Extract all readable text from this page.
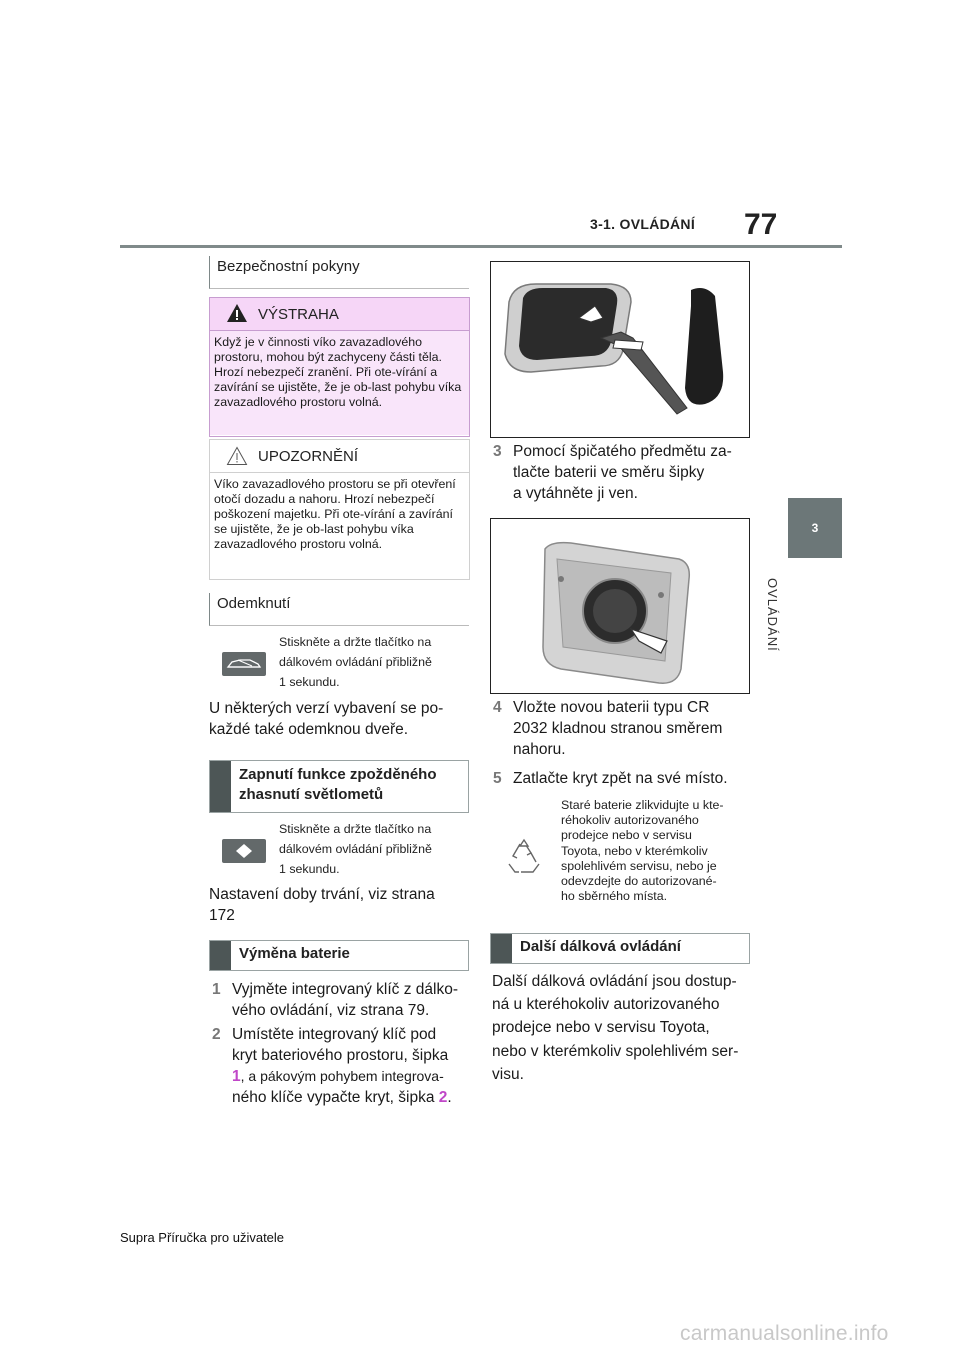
3-1. OVLÁDÁNÍ 77
3
OVLÁDÁNÍ
Bezpečnostní pokyny
VÝSTRAHA
Když je v činnosti víko zavazadlového prostoru, mohou být zachyceny části těla. Hrozí nebezpečí zranění. Při ote-vírání a zavírání se ujistěte, že je ob-last pohybu víka zavazadlového prostoru volná.
UPOZORNĚNÍ
Víko zavazadlového prostoru se při otevření otočí dozadu a nahoru. Hrozí nebezpečí poškození majetku. Při ote-vírání a zavírání se ujistěte, že je ob-last pohybu víka zavazadlového prostoru volná.
Odemknutí
Stiskněte a držte tlačítko na
dálkovém ovládání přibližně
1 sekundu.
U některých verzí vybavení se po-
každé také odemknou dveře.
Zapnutí funkce zpožděného
zhasnutí světlometů
Stiskněte a držte tlačítko na
dálkovém ovládání přibližně
1 sekundu.
Nastavení doby trvání, viz strana
172
Výměna baterie
1 Vyjměte integrovaný klíč z dálko-
vého ovládání, viz strana 79.
2 Umístěte integrovaný klíč pod
kryt bateriového prostoru, šipka
1, a pákovým pohybem integrova-
ného klíče vypačte kryt, šipka 2.
3 Pomocí špičatého předmětu za-
tlačte baterii ve směru šipky
a vytáhněte ji ven.
4 Vložte novou baterii typu CR
2032 kladnou stranou směrem
nahoru.
5 Zatlačte kryt zpět na své místo.
Staré baterie zlikvidujte u kte-
réhokoliv autorizovaného
prodejce nebo v servisu
Toyota, nebo v kterémkoliv
spolehlivém servisu, nebo je
odevzdejte do autorizované-
ho sběrného místa.
Další dálková ovládání
Další dálková ovládání jsou dostup-
ná u kteréhokoliv autorizovaného
prodejce nebo v servisu Toyota,
nebo v kterémkoliv spolehlivém ser-
visu.
Supra Příručka pro uživatele
carmanualsonline.info
